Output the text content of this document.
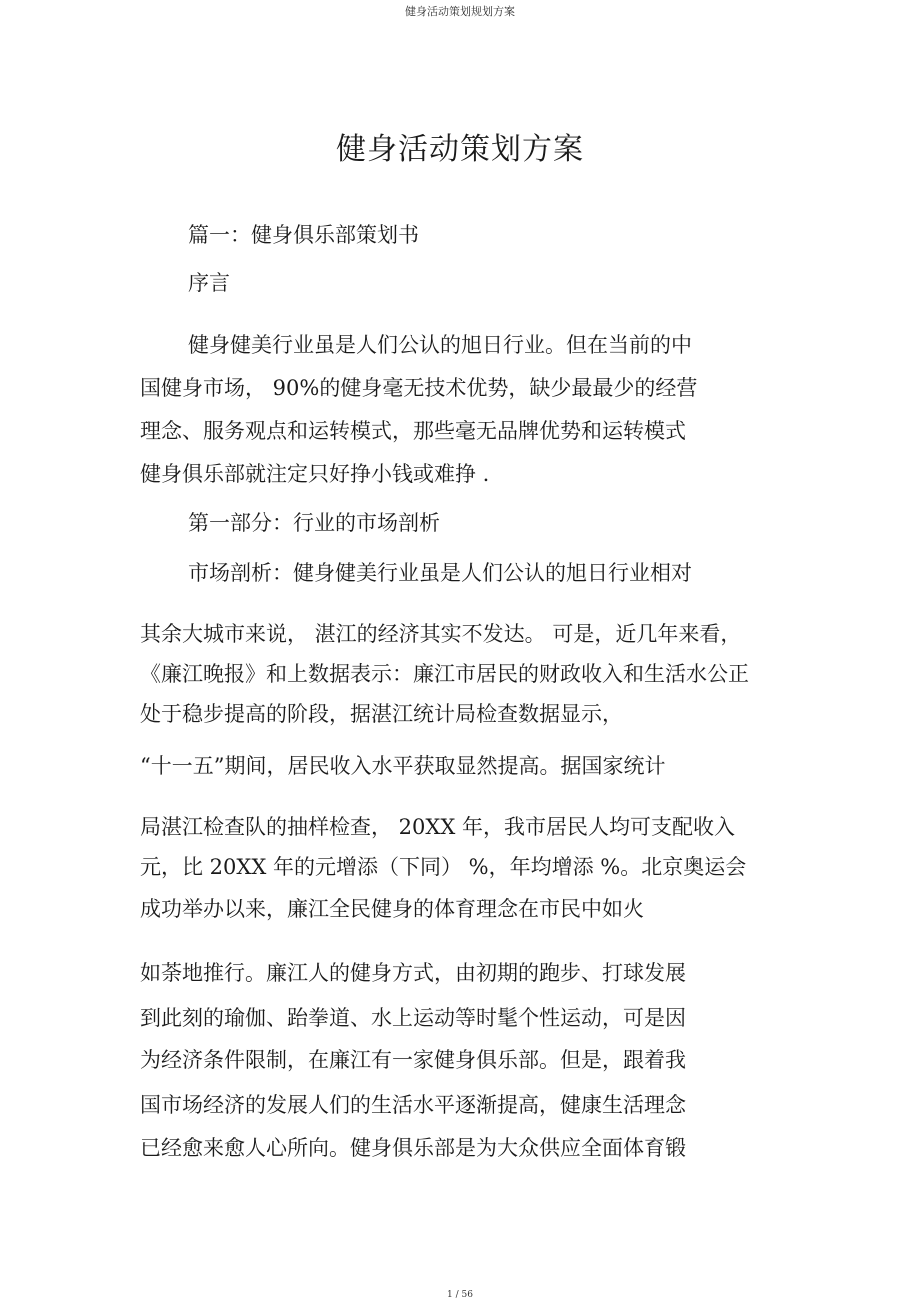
健身活动策划规划方案
健身活动策划方案
篇一：健身俱乐部策划书
序言
健身健美行业虽是人们公认的旭日行业。但在当前的中
国健身市场， 90%的健身毫无技术优势，缺少最最少的经营
理念、服务观点和运转模式，那些毫无品牌优势和运转模式
健身俱乐部就注定只好挣小钱或难挣 .
第一部分：行业的市场剖析
市场剖析：健身健美行业虽是人们公认的旭日行业相对
其余大城市来说， 湛江的经济其实不发达。 可是，近几年来看，
《廉江晚报》和上数据表示：廉江市居民的财政收入和生活水公正
处于稳步提高的阶段，据湛江统计局检查数据显示，
“十一五”期间，居民收入水平获取显然提高。据国家统计
局湛江检查队的抽样检查， 20XX 年，我市居民人均可支配收入
元，比 20XX 年的元增添（下同） %，年均增添 %。北京奥运会
成功举办以来，廉江全民健身的体育理念在市民中如火
如荼地推行。廉江人的健身方式，由初期的跑步、打球发展
到此刻的瑜伽、跆拳道、水上运动等时髦个性运动，可是因
为经济条件限制，在廉江有一家健身俱乐部。但是，跟着我
国市场经济的发展人们的生活水平逐渐提高，健康生活理念
已经愈来愈人心所向。健身俱乐部是为大众供应全面体育锻
1 / 56
